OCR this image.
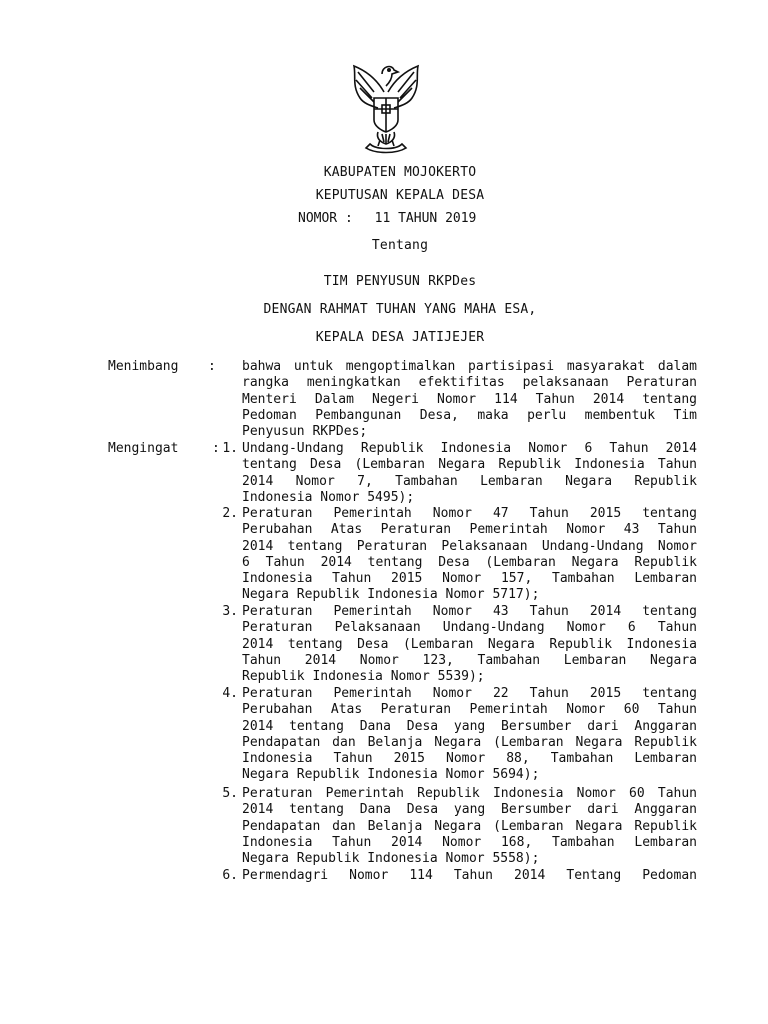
KABUPATEN MOJOKERTO
KEPUTUSAN KEPALA DESA
NOMOR : 11 TAHUN 2019
Tentang
TIM PENYUSUN RKPDes
DENGAN RAHMAT TUHAN YANG MAHA ESA,
KEPALA DESA JATIJEJER
Menimbang : bahwa untuk mengoptimalkan partisipasi masyarakat dalam
rangka meningkatkan efektifitas pelaksanaan Peraturan
Menteri Dalam Negeri Nomor 114 Tahun 2014 tentang
Pedoman Pembangunan Desa, maka perlu membentuk Tim
Penyusun RKPDes;
Mengingat	: 1. Undang-Undang Republik Indonesia Nomor 6 Tahun 2014
tentang Desa (Lembaran Negara Republik Indonesia Tahun
2014 Nomor 7, Tambahan Lembaran Negara Republik
Indonesia Nomor 5495);
2. Peraturan Pemerintah Nomor 47 Tahun 2015 tentang
Perubahan Atas Peraturan Pemerintah Nomor 43 Tahun
2014 tentang Peraturan Pelaksanaan Undang-Undang Nomor
6 Tahun 2014 tentang Desa (Lembaran Negara Republik
Indonesia Tahun 2015 Nomor 157, Tambahan Lembaran
Negara Republik Indonesia Nomor 5717);
3. Peraturan Pemerintah Nomor 43 Tahun 2014 tentang
Peraturan Pelaksanaan Undang-Undang Nomor 6 Tahun
2014 tentang Desa (Lembaran Negara Republik Indonesia
Tahun 2014 Nomor 123, Tambahan Lembaran Negara
Republik Indonesia Nomor 5539);
4. Peraturan Pemerintah Nomor 22 Tahun 2015 tentang
Perubahan Atas Peraturan Pemerintah Nomor 60 Tahun
2014 tentang Dana Desa yang Bersumber dari Anggaran
Pendapatan dan Belanja Negara (Lembaran Negara Republik
Indonesia Tahun 2015 Nomor 88, Tambahan Lembaran
Negara Republik Indonesia Nomor 5694);
5. Peraturan Pemerintah Republik Indonesia Nomor 60 Tahun
2014 tentang Dana Desa yang Bersumber dari Anggaran
Pendapatan dan Belanja Negara (Lembaran Negara Republik
Indonesia Tahun 2014 Nomor 168, Tambahan Lembaran
Negara Republik Indonesia Nomor 5558);
6. Permendagri Nomor 114 Tahun 2014 Tentang Pedoman
